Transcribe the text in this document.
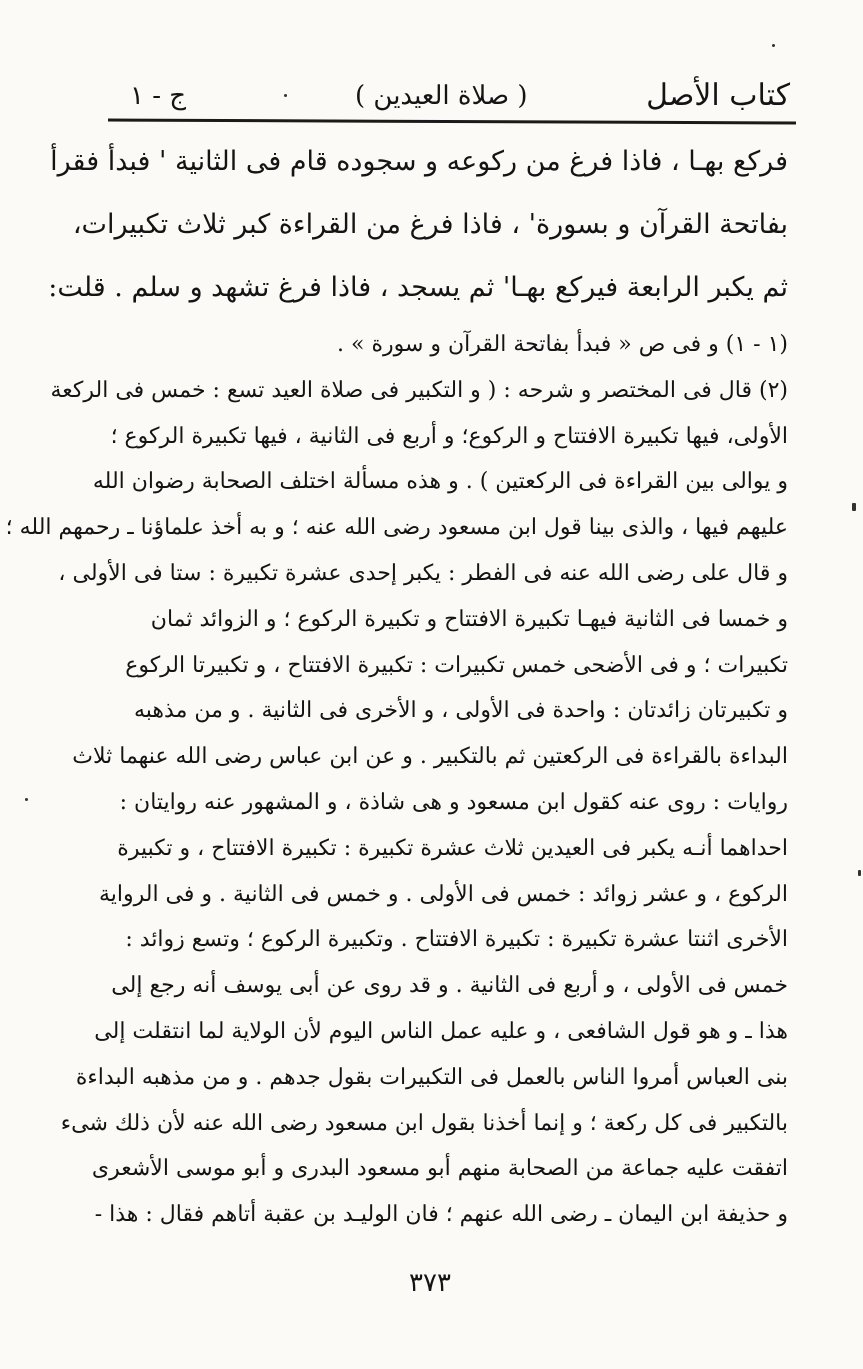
كتاب الأصل
( صلاة العيدين )
ج - ١
فركع بهـا ، فاذا فرغ من ركوعه و سجوده قام فى الثانية ' فبدأ فقرأ
بفاتحة القرآن و بسورة' ، فاذا فرغ من القراءة كبر ثلاث تكبيرات،
ثم يكبر الرابعة فيركع بهـا' ثم يسجد ، فاذا فرغ تشهد و سلم . قلت:
(١ - ١) و فى ص « فبدأ بفاتحة القرآن و سورة » .
(٢) قال فى المختصر و شرحه : ( و التكبير فى صلاة العيد تسع : خمس فى الركعة
الأولى، فيها تكبيرة الافتتاح و الركوع؛ و أربع فى الثانية ، فيها تكبيرة الركوع ؛
و يوالى بين القراءة فى الركعتين ) . و هذه مسألة اختلف الصحابة رضوان الله
عليهم فيها ، والذى بينا قول ابن مسعود رضى الله عنه ؛ و به أخذ علماؤنا ـ رحمهم الله ؛
و قال على رضى الله عنه فى الفطر : يكبر إحدى عشرة تكبيرة : ستا فى الأولى ،
و خمسا فى الثانية فيهـا تكبيرة الافتتاح و تكبيرة الركوع ؛ و الزوائد ثمان
تكبيرات ؛ و فى الأضحى خمس تكبيرات : تكبيرة الافتتاح ، و تكبيرتا الركوع
و تكبيرتان زائدتان : واحدة فى الأولى ، و الأخرى فى الثانية . و من مذهبه
البداءة بالقراءة فى الركعتين ثم بالتكبير . و عن ابن عباس رضى الله عنهما ثلاث
روايات : روى عنه كقول ابن مسعود و هى شاذة ، و المشهور عنه روايتان :
احداهما أنـه يكبر فى العيدين ثلاث عشرة تكبيرة : تكبيرة الافتتاح ، و تكبيرة
الركوع ، و عشر زوائد : خمس فى الأولى . و خمس فى الثانية . و فى الرواية
الأخرى اثنتا عشرة تكبيرة : تكبيرة الافتتاح . وتكبيرة الركوع ؛ وتسع زوائد :
خمس فى الأولى ، و أربع فى الثانية . و قد روى عن أبى يوسف أنه رجع إلى
هذا ـ و هو قول الشافعى ، و عليه عمل الناس اليوم لأن الولاية لما انتقلت إلى
بنى العباس أمروا الناس بالعمل فى التكبيرات بقول جدهم . و من مذهبه البداءة
بالتكبير فى كل ركعة ؛ و إنما أخذنا بقول ابن مسعود رضى الله عنه لأن ذلك شىء
اتفقت عليه جماعة من الصحابة منهم أبو مسعود البدرى و أبو موسى الأشعرى
و حذيفة ابن اليمان ـ رضى الله عنهم ؛ فان الوليـد بن عقبة أتاهم فقال : هذا -
٣٧٣
